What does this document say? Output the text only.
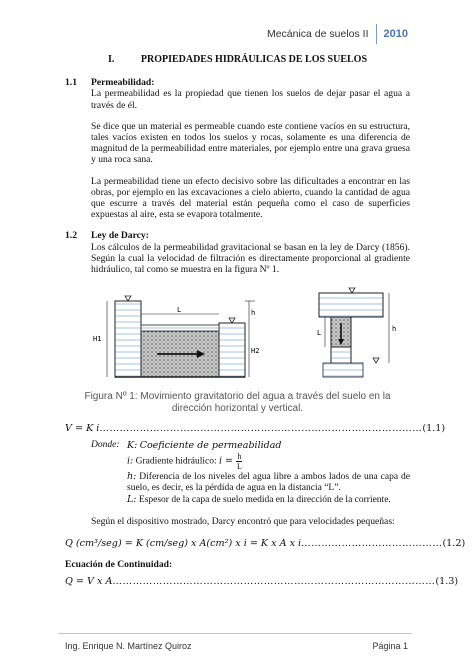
Mecánica de suelos II 2010
I.	PROPIEDADES HIDRÁULICAS DE LOS SUELOS
1.1	Permeabilidad:
La permeabilidad es la propiedad que tienen los suelos de dejar pasar el agua a través de él.
Se dice que un material es permeable cuando este contiene vacíos en su estructura, tales vacíos existen en todos los suelos y rocas, solamente es una diferencia de magnitud de la permeabilidad entre materiales, por ejemplo entre una grava gruesa y una roca sana.
La permeabilidad tiene un efecto decisivo sobre las dificultades a encontrar en las obras, por ejemplo en las excavaciones a cielo abierto, cuando la cantidad de agua que escurre a través del material están pequeña como el caso de superficies expuestas al aire, esta se evapora totalmente.
1.2	Ley de Darcy:
Los cálculos de la permeabilidad gravitacional se basan en la ley de Darcy (1856). Según la cual la velocidad de filtración es directamente proporcional al gradiente hidráulico, tal como se muestra en la figura Nº 1.
L
H1
h
H2
L	h
Figura Nº 1: Movimiento gravitatorio del agua a través del suelo en la dirección horizontal y vertical.
V = K i …………………………………………………………………………………… (1.1)
Donde: K: Coeficiente de permeabilidad
i: Gradiente hidráulico: $i = \frac{h}{L}$
h: Diferencia de los niveles del agua libre a ambos lados de una capa de suelo, es decir, es la pérdida de agua en la distancia “L”.
L: Espesor de la capa de suelo medida en la dirección de la corriente.
Según el dispositivo mostrado, Darcy encontró que para velocidades pequeñas:
Q (cm³/seg) = K (cm/seg) x A(cm²) x i = K x A x i …………………………………… (1.2)
Ecuación de Continuidad:
Q = V x A …………………………………………………………………………………… (1.3)
Ing. Enrique N. Martínez Quiroz	Página 1
